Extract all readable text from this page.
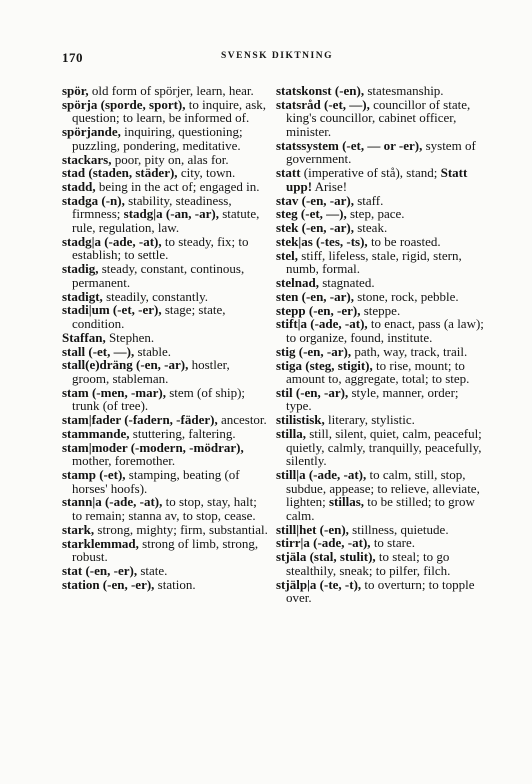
170	SVENSK DIKTNING
spör, old form of spörjer, learn, hear.
spörja (sporde, sport), to inquire, ask, question; to learn, be informed of.
spörjande, inquiring, questioning; puzzling, pondering, meditative.
stackars, poor, pity on, alas for.
stad (staden, städer), city, town.
stadd, being in the act of; engaged in.
stadga (-n), stability, steadiness, firmness; stadg|a (-an, -ar), statute, rule, regulation, law.
stadg|a (-ade, -at), to steady, fix; to establish; to settle.
stadig, steady, constant, continous, permanent.
stadigt, steadily, constantly.
stadi|um (-et, -er), stage; state, condition.
Staffan, Stephen.
stall (-et, —), stable.
stall(e)dräng (-en, -ar), hostler, groom, stableman.
stam (-men, -mar), stem (of ship); trunk (of tree).
stam|fader (-fadern, -fäder), ancestor.
stammande, stuttering, faltering.
stam|moder (-modern, -mödrar), mother, foremother.
stamp (-et), stamping, beating (of horses' hoofs).
stann|a (-ade, -at), to stop, stay, halt; to remain; stanna av, to stop, cease.
stark, strong, mighty; firm, substantial.
starklemmad, strong of limb, strong, robust.
stat (-en, -er), state.
station (-en, -er), station.
statskonst (-en), statesmanship.
statsråd (-et, —), councillor of state, king's councillor, cabinet officer, minister.
statssystem (-et, — or -er), system of government.
statt (imperative of stå), stand; Statt upp! Arise!
stav (-en, -ar), staff.
steg (-et, —), step, pace.
stek (-en, -ar), steak.
stek|as (-tes, -ts), to be roasted.
stel, stiff, lifeless, stale, rigid, stern, numb, formal.
stelnad, stagnated.
sten (-en, -ar), stone, rock, pebble.
stepp (-en, -er), steppe.
stift|a (-ade, -at), to enact, pass (a law); to organize, found, institute.
stig (-en, -ar), path, way, track, trail.
stiga (steg, stigit), to rise, mount; to amount to, aggregate, total; to step.
stil (-en, -ar), style, manner, order; type.
stilistisk, literary, stylistic.
stilla, still, silent, quiet, calm, peaceful; quietly, calmly, tranquilly, peacefully, silently.
still|a (-ade, -at), to calm, still, stop, subdue, appease; to relieve, alleviate, lighten; stillas, to be stilled; to grow calm.
still|het (-en), stillness, quietude.
stirr|a (-ade, -at), to stare.
stjäla (stal, stulit), to steal; to go stealthily, sneak; to pilfer, filch.
stjälp|a (-te, -t), to overturn; to topple over.
